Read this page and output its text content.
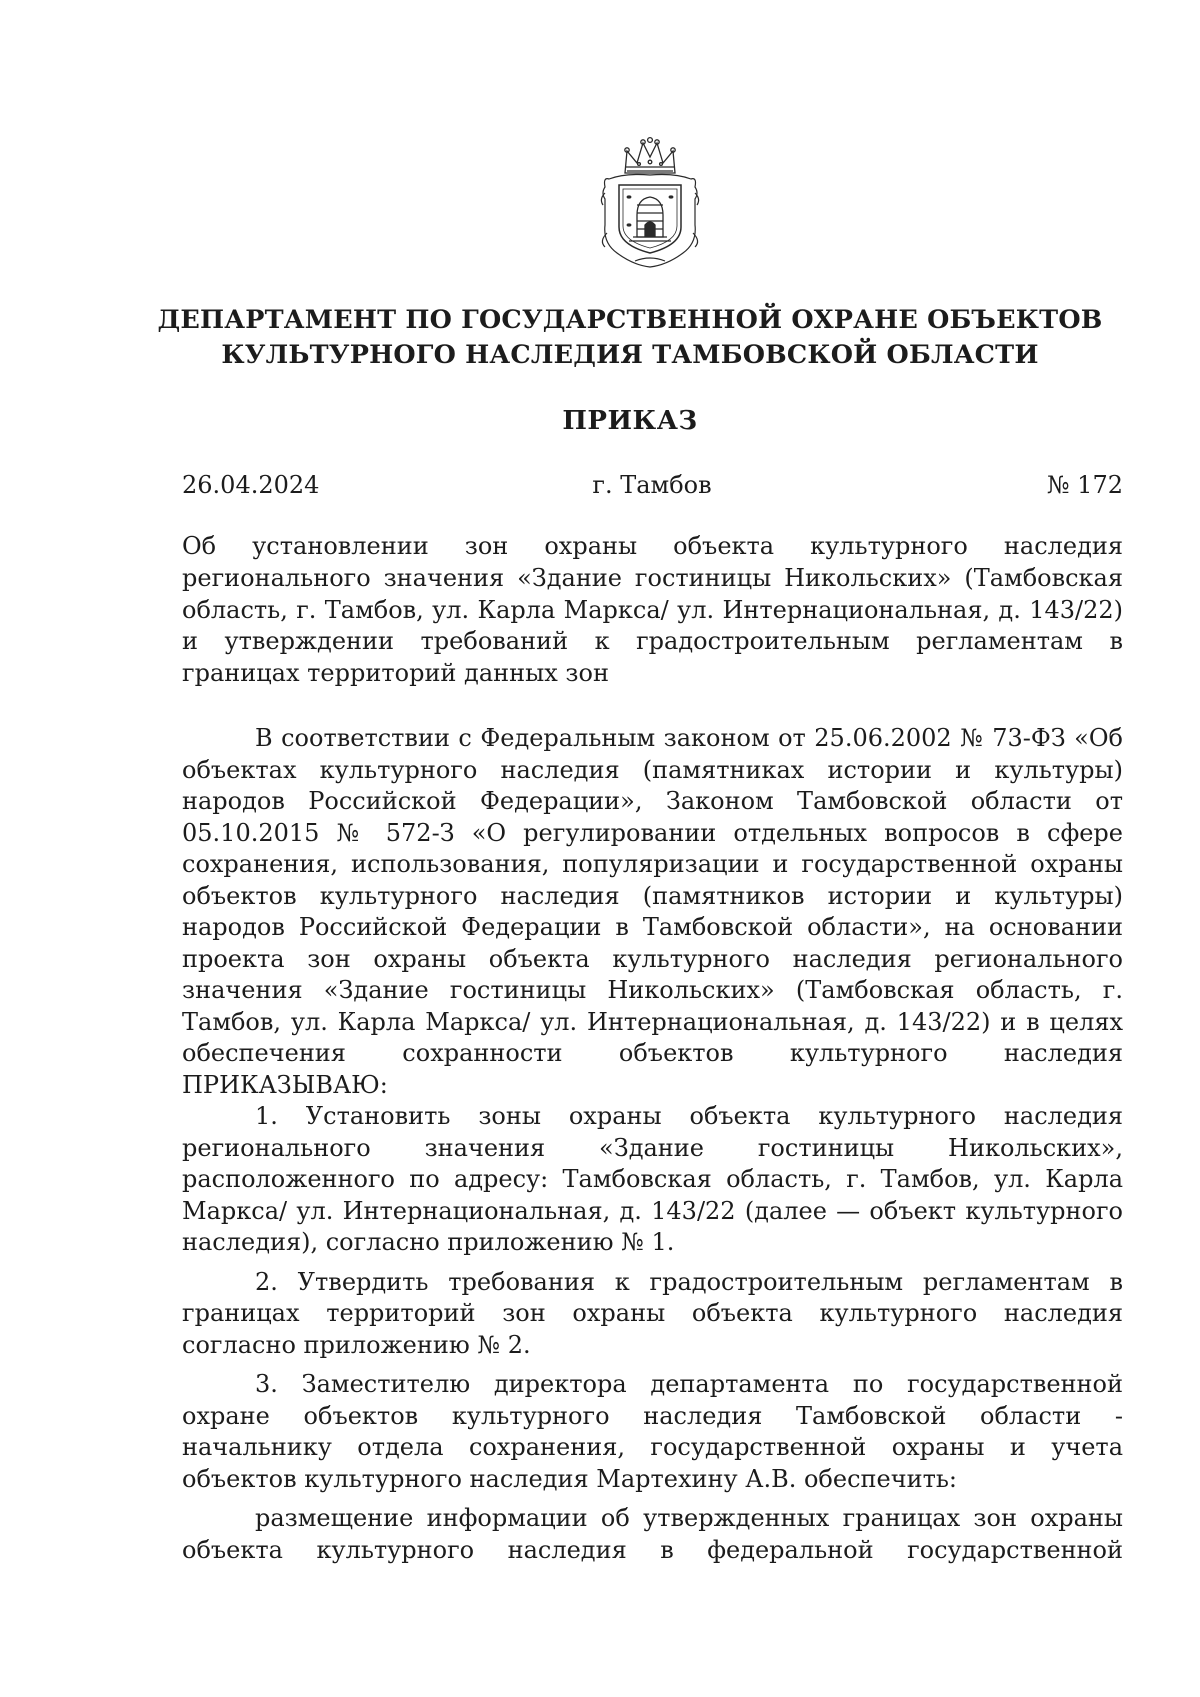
ДЕПАРТАМЕНТ ПО ГОСУДАРСТВЕННОЙ ОХРАНЕ ОБЪЕКТОВ КУЛЬТУРНОГО НАСЛЕДИЯ ТАМБОВСКОЙ ОБЛАСТИ
ПРИКАЗ
26.04.2024	г. Тамбов	№ 172
Об установлении зон охраны объекта культурного наследия регионального значения «Здание гостиницы Никольских» (Тамбовская область, г. Тамбов, ул. Карла Маркса/ ул. Интернациональная, д. 143/22) и утверждении требований к градостроительным регламентам в границах территорий данных зон

В соответствии с Федеральным законом от 25.06.2002 № 73-ФЗ «Об объектах культурного наследия (памятниках истории и культуры) народов Российской Федерации», Законом Тамбовской области от 05.10.2015 № 572-З «О регулировании отдельных вопросов в сфере сохранения, использования, популяризации и государственной охраны объектов культурного наследия (памятников истории и культуры) народов Российской Федерации в Тамбовской области», на основании проекта зон охраны объекта культурного наследия регионального значения «Здание гостиницы Никольских» (Тамбовская область, г. Тамбов, ул. Карла Маркса/ ул. Интернациональная, д. 143/22) и в целях обеспечения сохранности объектов культурного наследия ПРИКАЗЫВАЮ:

1. Установить зоны охраны объекта культурного наследия регионального значения «Здание гостиницы Никольских», расположенного по адресу: Тамбовская область, г. Тамбов, ул. Карла Маркса/ ул. Интернациональная, д. 143/22 (далее — объект культурного наследия), согласно приложению № 1.

2. Утвердить требования к градостроительным регламентам в границах территорий зон охраны объекта культурного наследия согласно приложению № 2.

3. Заместителю директора департамента по государственной охране объектов культурного наследия Тамбовской области - начальнику отдела сохранения, государственной охраны и учета объектов культурного наследия Мартехину А.В. обеспечить:

размещение информации об утвержденных границах зон охраны объекта культурного наследия в федеральной государственной
